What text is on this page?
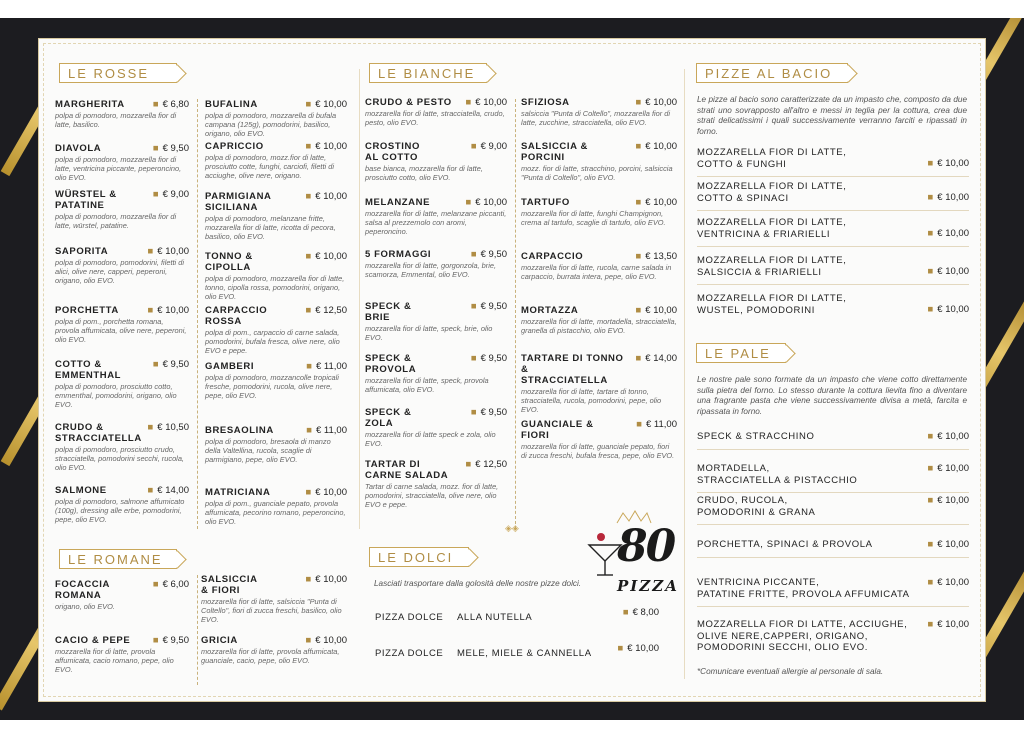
LE ROSSE
MARGHERITA	■ € 6,80
polpa di pomodoro, mozzarella fior di latte, basilico.
DIAVOLA	■ € 9,50
polpa di pomodoro, mozzarella fior di latte, ventricina piccante, peperoncino, olio EVO.
WÜRSTEL &
PATATINE
■ € 9,00
polpa di pomodoro, mozzarella fior di latte, würstel, patatine.
SAPORITA	■ € 10,00
polpa di pomodoro, pomodorini, filetti di alici, olive nere, capperi, peperoni, origano, olio EVO.
PORCHETTA	■ € 10,00
polpa di pom., porchetta romana, provola affumicata, olive nere, peperoni, olio EVO.
COTTO &
EMMENTHAL
■ € 9,50
polpa di pomodoro, prosciutto cotto, emmenthal, pomodorini, origano, olio EVO.
CRUDO &
STRACCIATELLA
■ € 10,50
polpa di pomodoro, prosciutto crudo, stracciatella, pomodorini secchi, rucola, olio EVO.
SALMONE	■ € 14,00
polpa di pomodoro, salmone affumicato (100g), dressing alle erbe, pomodorini, pepe, olio EVO.
BUFALINA	■ € 10,00
polpa di pomodoro, mozzarella di bufala campana (125g), pomodorini, basilico, origano, olio EVO.
CAPRICCIO	■ € 10,00
polpa di pomodoro, mozz.fior di latte, prosciutto cotte, funghi, carciofi, filetti di acciughe, olive nere, origano.
PARMIGIANA
SICILIANA
■ € 10,00
polpa di pomodoro, melanzane fritte, mozzarella fior di latte, ricotta di pecora, basilico, olio EVO.
TONNO & CIPOLLA
■ € 10,00
polpa di pomodoro, mozzarella fior di latte, tonno, cipolla rossa, pomodorini, origano, olio EVO.
CARPACCIO
ROSSA
■ € 12,50
polpa di pom., carpaccio di carne salada, pomodorini, bufala fresca, olive nere, olio EVO e pepe.
GAMBERI	■ € 11,00
polpa di pomodoro, mozzancolle tropicali fresche, pomodorini, rucola, olive nere, pepe, olio EVO.
BRESAOLINA	■ € 11,00
polpa di pomodoro, bresaola di manzo della Valtellina, rucola, scaglie di parmigiano, pepe, olio EVO.
MATRICIANA	■ € 10,00
polpa di pom., guanciale pepato, provola affumicata, pecorino romano, peperoncino, olio EVO.
LE BIANCHE
CRUDO & PESTO	■ € 10,00
mozzarella fior di latte, stracciatella, crudo, pesto, olio EVO.
CROSTINO
AL COTTO
■ € 9,00
base bianca, mozzarella fior di latte, prosciutto cotto, olio EVO.
MELANZANE	■ € 10,00
mozzarella fior di latte, melanzane piccanti, salsa al prezzemolo con aromi, peperoncino.
5 FORMAGGI	■ € 9,50
mozzarella fior di latte, gorgonzola, brie, scamorza, Emmental, olio EVO.
SPECK &
BRIE
■ € 9,50
mozzarella fior di latte, speck, brie, olio EVO.
SPECK &
PROVOLA
■ € 9,50
mozzarella fior di latte, speck, provola affumicata, olio EVO.
SPECK &
ZOLA
■ € 9,50
mozzarella fior di latte speck e zola, olio EVO.
TARTAR DI
CARNE SALADA
■ € 12,50
Tartar di carne salada, mozz. fior di latte, pomodorini, stracciatella, olive nere, olio EVO e pepe.
SFIZIOSA	■ € 10,00
salsiccia "Punta di Coltello", mozzarella fior di latte, zucchine, stracciatella, olio EVO.
SALSICCIA &
PORCINI
■ € 10,00
mozz. fior di latte, stracchino, porcini, salsiccia "Punta di Coltello", olio EVO.
TARTUFO	■ € 10,00
mozzarella fior di latte, funghi Champignon, crema al tartufo, scaglie di tartufo, olio EVO.
CARPACCIO	■ € 13,50
mozzarella fior di latte, rucola, carne salada in carpaccio, burrata intera, pepe, olio EVO.
MORTAZZA	■ € 10,00
mozzarella fior di latte, mortadella, stracciatella, granella di pistacchio, olio EVO.
TARTARE DI TONNO &
STRACCIATELLA
■ € 14,00
mozzarella fior di latte, tartare di tonno, stracciatella, rucola, pomodorini, pepe, olio EVO.
GUANCIALE &
FIORI
■ € 11,00
mozzarella fior di latte, guanciale pepato, fiori di zucca freschi, bufala fresca, pepe, olio EVO.
LE ROMANE
FOCACCIA
ROMANA
■ € 6,00
origano, olio EVO.
CACIO & PEPE	■ € 9,50
mozzarella fior di latte, provola affumicata, cacio romano, pepe, olio EVO.
SALSICCIA
& FIORI
■ € 10,00
mozzarella fior di latte, salsiccia "Punta di Coltello", fiori di zucca freschi, basilico, olio EVO.
GRICIA	■ € 10,00
mozzarella fior di latte, provola affumicata, guanciale, cacio, pepe, olio EVO.
LE DOLCI
Lasciati trasportare dalla golosità delle nostre pizze dolci.
PIZZA DOLCE ALLA NUTELLA	■ € 8,00
PIZZA DOLCE MELE, MIELE & CANNELLA	■ € 10,00
PIZZE AL BACIO
Le pizze al bacio sono caratterizzate da un impasto che, composto da due strati uno sovrapposto all'altro e messi in teglia per la cottura, crea due strati delicatissimi i quali successivamente verranno farciti e ripassati in forno.
MOZZARELLA FIOR DI LATTE,
COTTO & FUNGHI	■ € 10,00
MOZZARELLA FIOR DI LATTE,
COTTO & SPINACI	■ € 10,00
MOZZARELLA FIOR DI LATTE,
VENTRICINA & FRIARIELLI	■ € 10,00
MOZZARELLA FIOR DI LATTE,
SALSICCIA & FRIARIELLI	■ € 10,00
MOZZARELLA FIOR DI LATTE,
WUSTEL, POMODORINI	■ € 10,00
LE PALE
Le nostre pale sono formate da un impasto che viene cotto direttamente sulla pietra del forno. Lo stesso durante la cottura lievita fino a diventare una fragrante pasta che viene successivamente divisa a metà, farcita e ripassata in forno.
SPECK & STRACCHINO	■ € 10,00
MORTADELLA,
STRACCIATELLA & PISTACCHIO
■ € 10,00
CRUDO, RUCOLA,
POMODORINI & GRANA
■ € 10,00
PORCHETTA, SPINACI & PROVOLA	■ € 10,00
VENTRICINA PICCANTE,
PATATINE FRITTE, PROVOLA AFFUMICATA
■ € 10,00
MOZZARELLA FIOR DI LATTE, ACCIUGHE,
OLIVE NERE,CAPPERI, ORIGANO,
POMODORINI SECCHI, OLIO EVO.
■ € 10,00
*Comunicare eventuali allergie al personale di sala.
80
PIZZA
◈◈
